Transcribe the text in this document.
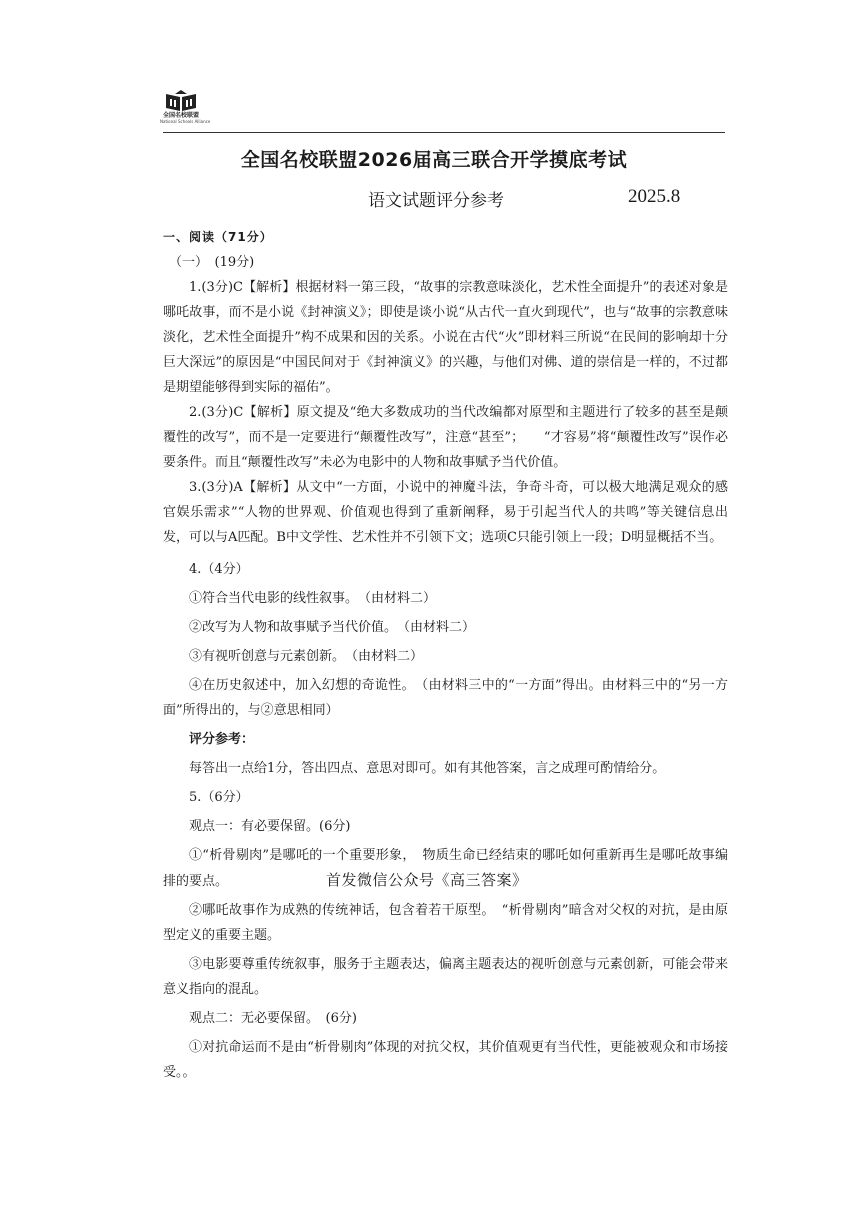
全国名校联盟
National Schools Alliance
全国名校联盟2026届高三联合开学摸底考试
语文试题评分参考	2025.8

一、阅读（71分）

（一）　(19分)

1.(3分)C【解析】根据材料一第三段，“故事的宗教意味淡化，艺术性全面提升”的表述对象是哪吒故事，而不是小说《封神演义》；即使是谈小说“从古代一直火到现代”，也与“故事的宗教意味淡化，艺术性全面提升”构不成果和因的关系。小说在古代“火”即材料三所说“在民间的影响却十分巨大深远”的原因是“中国民间对于《封神演义》的兴趣，与他们对佛、道的崇信是一样的，不过都是期望能够得到实际的福佑”。

2.(3分)C【解析】原文提及“绝大多数成功的当代改编都对原型和主题进行了较多的甚至是颠覆性的改写”，而不是一定要进行“颠覆性改写”，注意“甚至”；　　“才容易”将“颠覆性改写”误作必要条件。而且“颠覆性改写”未必为电影中的人物和故事赋予当代价值。

3.(3分)A【解析】从文中“一方面，小说中的神魔斗法，争奇斗奇，可以极大地满足观众的感官娱乐需求”“人物的世界观、价值观也得到了重新阐释，易于引起当代人的共鸣”等关键信息出发，可以与A匹配。B中文学性、艺术性并不引领下文；选项C只能引领上一段；D明显概括不当。

4.（4分）

①符合当代电影的线性叙事。　（由材料二）

②改写为人物和故事赋予当代价值。　（由材料二）

③有视听创意与元素创新。　（由材料二）

④在历史叙述中，加入幻想的奇诡性。　（由材料三中的“一方面”得出。由材料三中的“另一方面”所得出的，与②意思相同）

评分参考：

每答出一点给1分，答出四点、意思对即可。如有其他答案，言之成理可酌情给分。

5.（6分）

观点一：有必要保留。(6分)

①“析骨剔肉”是哪吒的一个重要形象，　物质生命已经结束的哪吒如何重新再生是哪吒故事编排的要点。	首发微信公众号《高三答案》

②哪吒故事作为成熟的传统神话，包含着若干原型。　“析骨剔肉”暗含对父权的对抗，是由原型定义的重要主题。

③电影要尊重传统叙事，服务于主题表达，偏离主题表达的视听创意与元素创新，可能会带来意义指向的混乱。

观点二：无必要保留。　(6分)

①对抗命运而不是由“析骨剔肉”体现的对抗父权，其价值观更有当代性，更能被观众和市场接受。。
